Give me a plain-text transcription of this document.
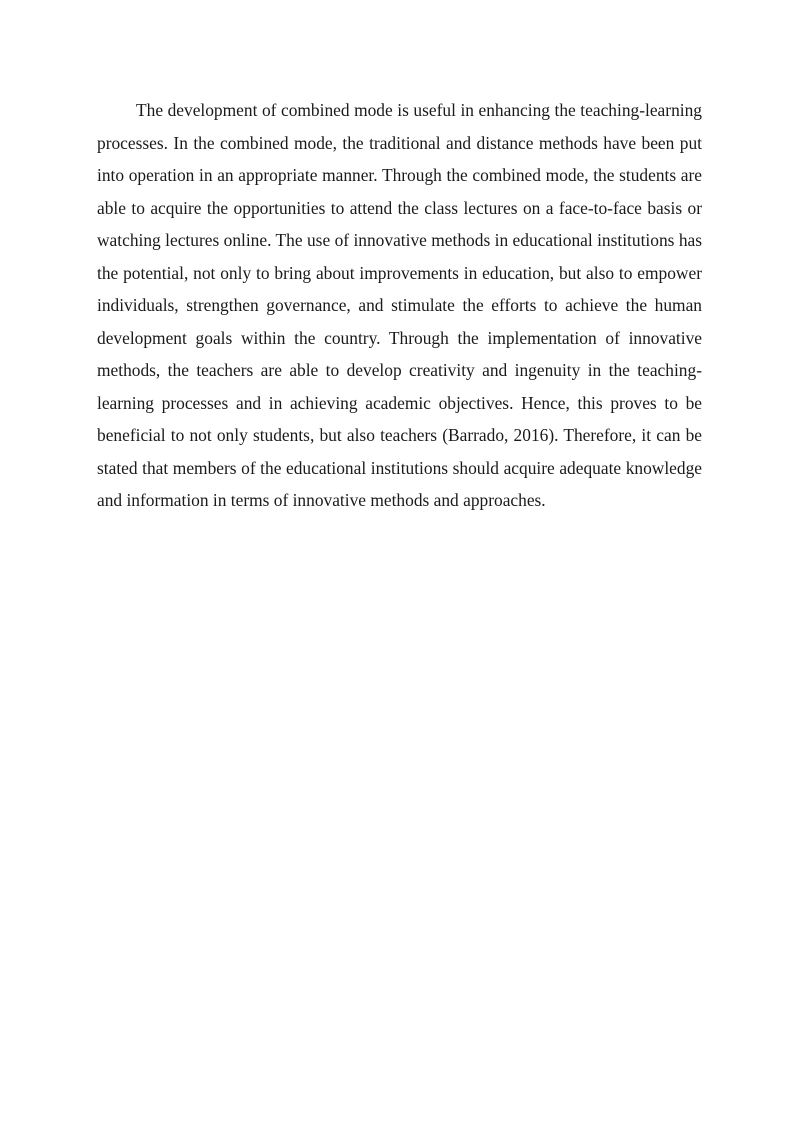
The development of combined mode is useful in enhancing the teaching-learning processes. In the combined mode, the traditional and distance methods have been put into operation in an appropriate manner. Through the combined mode, the students are able to acquire the opportunities to attend the class lectures on a face-to-face basis or watching lectures online. The use of innovative methods in educational institutions has the potential, not only to bring about improvements in education, but also to empower individuals, strengthen governance, and stimulate the efforts to achieve the human development goals within the country. Through the implementation of innovative methods, the teachers are able to develop creativity and ingenuity in the teaching-learning processes and in achieving academic objectives. Hence, this proves to be beneficial to not only students, but also teachers (Barrado, 2016). Therefore, it can be stated that members of the educational institutions should acquire adequate knowledge and information in terms of innovative methods and approaches.
